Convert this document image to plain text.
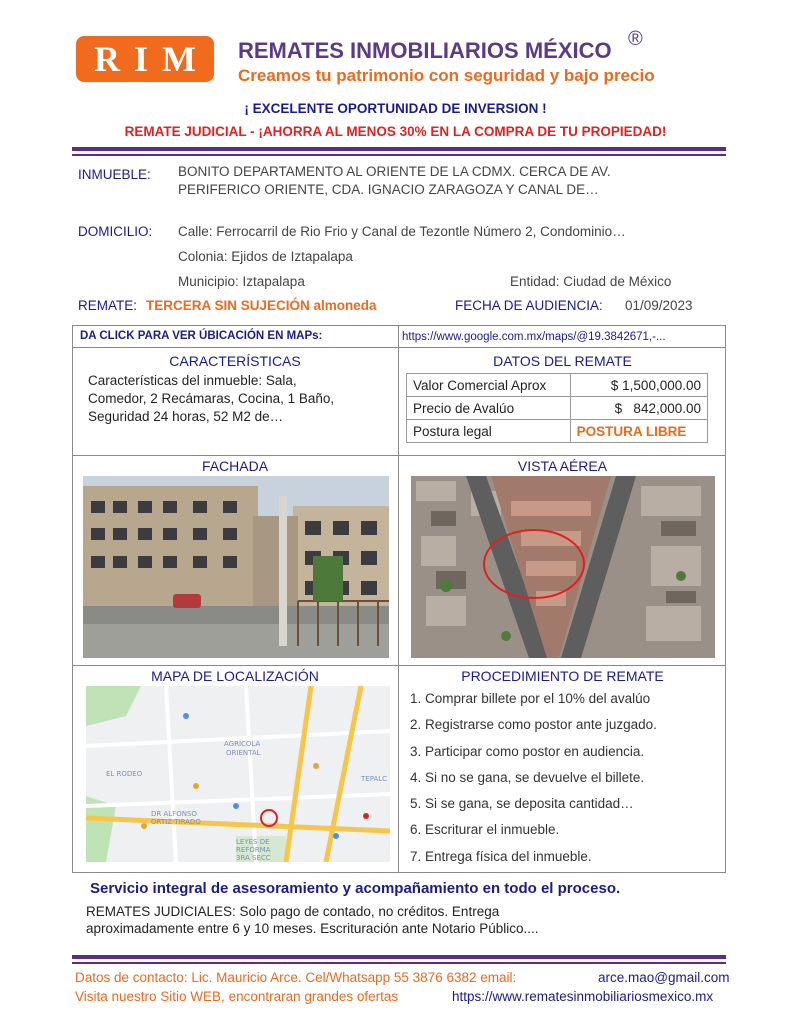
RIM REMATES INMOBILIARIOS MÉXICO ®
Creamos tu patrimonio con seguridad y bajo precio
¡ EXCELENTE OPORTUNIDAD DE INVERSION !
REMATE JUDICIAL - ¡AHORRA AL MENOS 30% EN LA COMPRA DE TU PROPIEDAD!
INMUEBLE: BONITO DEPARTAMENTO AL ORIENTE DE LA CDMX. CERCA DE AV.
PERIFERICO ORIENTE, CDA. IGNACIO ZARAGOZA Y CANAL DE…
DOMICILIO: Calle: Ferrocarril de Rio Frio y Canal de Tezontle Número 2, Condominio…
Colonia: Ejidos de Iztapalapa
Municipio: Iztapalapa	Entidad: Ciudad de México
REMATE: TERCERA SIN SUJECIÓN almoneda	FECHA DE AUDIENCIA: 01/09/2023
DA CLICK PARA VER ÚBICACIÓN EN MAPs:	https://www.google.com.mx/maps/@19.3842671,-...
CARACTERÍSTICAS
Características del inmueble: Sala,
Comedor, 2 Recámaras, Cocina, 1 Baño,
Seguridad 24 horas, 52 M2 de…
DATOS DEL REMATE
Valor Comercial Aprox	$ 1,500,000.00
Precio de Avalúo	$   842,000.00
Postura legal	POSTURA LIBRE
FACHADA	VISTA AÉREA
MAPA DE LOCALIZACIÓN
AGRÍCOLA
ORIENTAL
EL RODEO
TEPALC
DR ALFONSO
ORTIZ TIRADO
LEYES DE
REFORMA
3RA SECC
PROCEDIMIENTO DE REMATE
1. Comprar billete por el 10% del avalúo
2. Registrarse como postor ante juzgado.
3. Participar como postor en audiencia.
4. Si no se gana, se devuelve el billete.
5. Si se gana, se deposita cantidad…
6. Escriturar el inmueble.
7. Entrega física del inmueble.
Servicio integral de asesoramiento y acompañamiento en todo el proceso.
REMATES JUDICIALES: Solo pago de contado, no créditos. Entrega
aproximadamente entre 6 y 10 meses. Escrituración ante Notario Público....
Datos de contacto: Lic. Mauricio Arce. Cel/Whatsapp 55 3876 6382 email:	arce.mao@gmail.com
Visita nuestro Sitio WEB, encontraran grandes ofertas	https://www.rematesinmobiliariosmexico.mx
